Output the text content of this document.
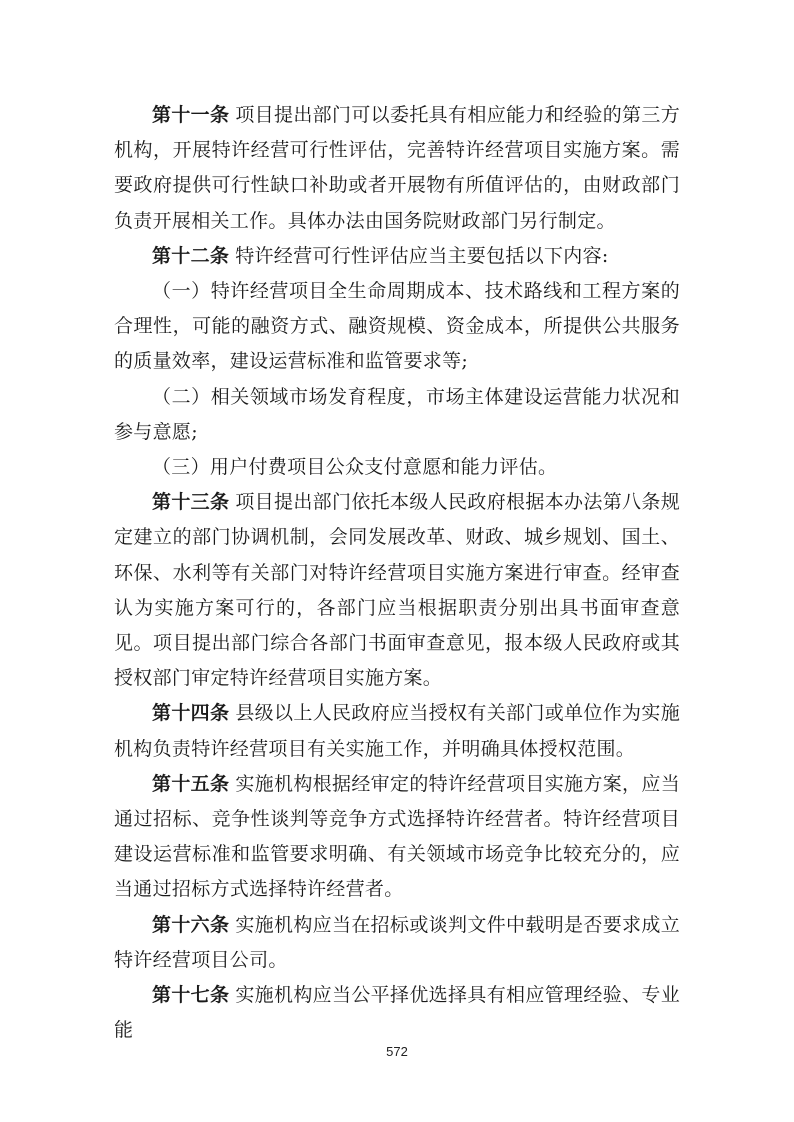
第十一条 项目提出部门可以委托具有相应能力和经验的第三方机构，开展特许经营可行性评估，完善特许经营项目实施方案。需要政府提供可行性缺口补助或者开展物有所值评估的，由财政部门负责开展相关工作。具体办法由国务院财政部门另行制定。

第十二条 特许经营可行性评估应当主要包括以下内容:

（一）特许经营项目全生命周期成本、技术路线和工程方案的合理性，可能的融资方式、融资规模、资金成本，所提供公共服务的质量效率，建设运营标准和监管要求等;

（二）相关领域市场发育程度，市场主体建设运营能力状况和参与意愿;

（三）用户付费项目公众支付意愿和能力评估。

第十三条 项目提出部门依托本级人民政府根据本办法第八条规定建立的部门协调机制，会同发展改革、财政、城乡规划、国土、环保、水利等有关部门对特许经营项目实施方案进行审查。经审查认为实施方案可行的，各部门应当根据职责分别出具书面审查意见。项目提出部门综合各部门书面审查意见，报本级人民政府或其授权部门审定特许经营项目实施方案。

第十四条 县级以上人民政府应当授权有关部门或单位作为实施机构负责特许经营项目有关实施工作，并明确具体授权范围。

第十五条 实施机构根据经审定的特许经营项目实施方案，应当通过招标、竞争性谈判等竞争方式选择特许经营者。特许经营项目建设运营标准和监管要求明确、有关领域市场竞争比较充分的，应当通过招标方式选择特许经营者。

第十六条 实施机构应当在招标或谈判文件中载明是否要求成立特许经营项目公司。

第十七条 实施机构应当公平择优选择具有相应管理经验、专业能

572
